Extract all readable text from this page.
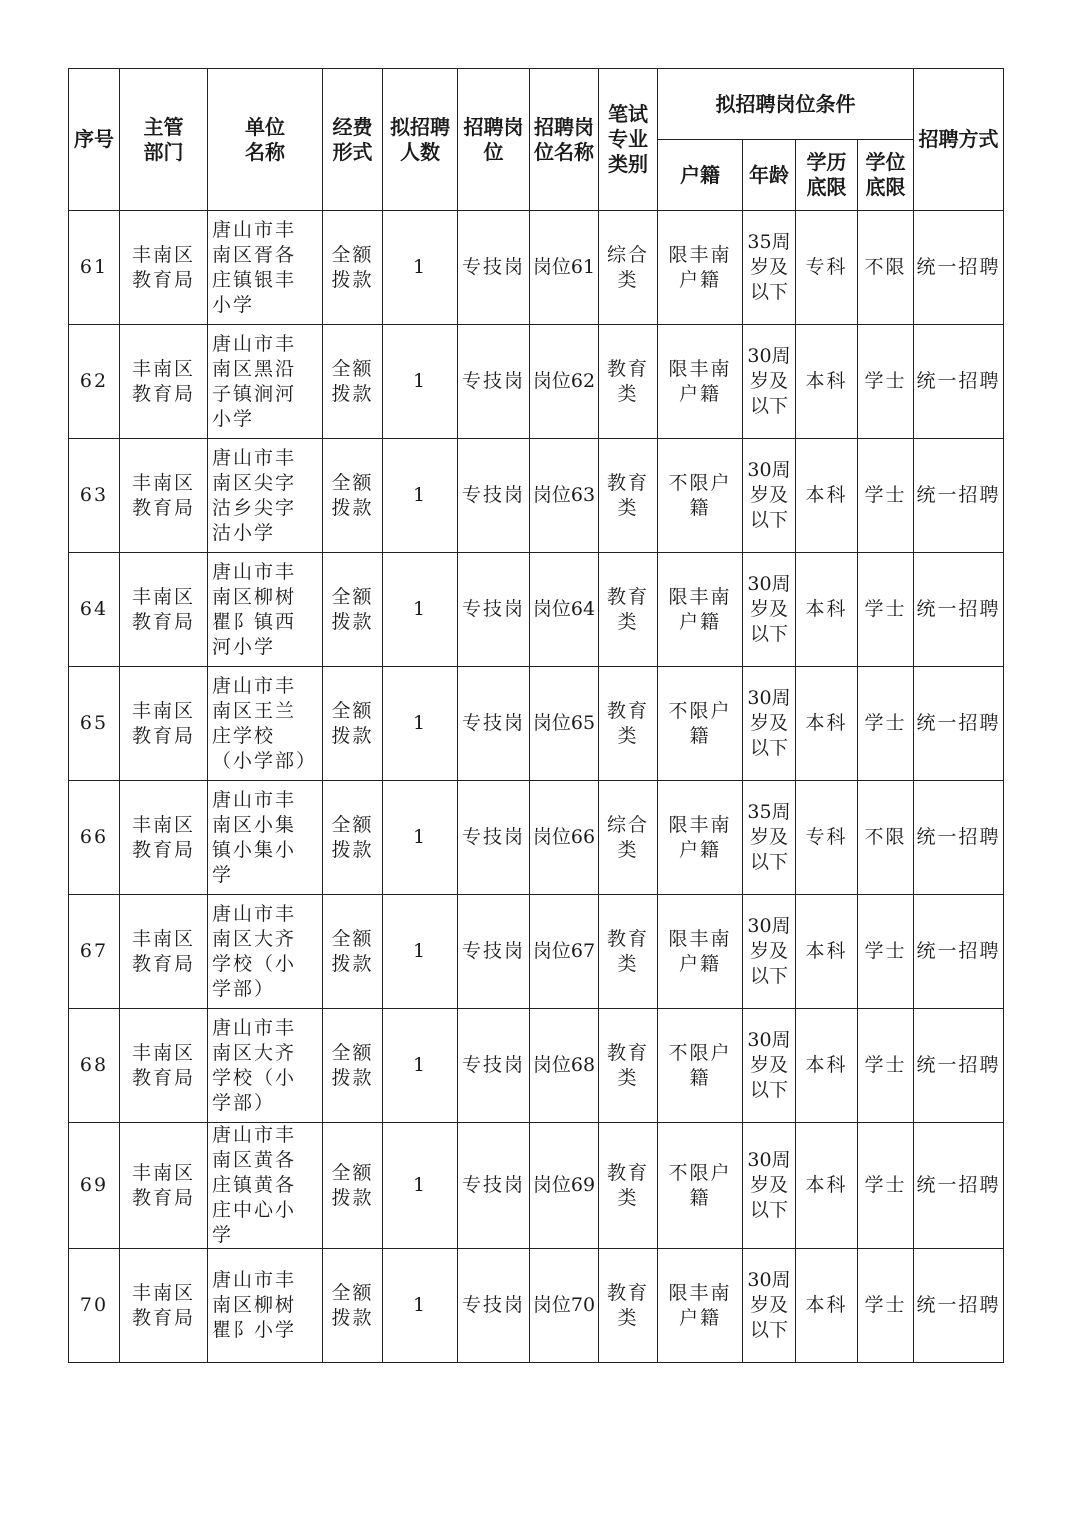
序号	主管部门	单位名称	经费形式	拟招聘人数	招聘岗位	招聘岗位名称	笔试专业类别	拟招聘岗位条件				招聘方式
								户籍	年龄	学历底限	学位底限	

61	丰南区教育局	唐山市丰南区胥各庄镇银丰小学	全额拨款	1	专技岗	岗位61	综合类	限丰南户籍	35周岁及以下	专科	不限	统一招聘
62	丰南区教育局	唐山市丰南区黑沿子镇涧河小学	全额拨款	1	专技岗	岗位62	教育类	限丰南户籍	30周岁及以下	本科	学士	统一招聘
63	丰南区教育局	唐山市丰南区尖字沽乡尖字沽小学	全额拨款	1	专技岗	岗位63	教育类	不限户籍	30周岁及以下	本科	学士	统一招聘
64	丰南区教育局	唐山市丰南区柳树瞿阝镇西河小学	全额拨款	1	专技岗	岗位64	教育类	限丰南户籍	30周岁及以下	本科	学士	统一招聘
65	丰南区教育局	唐山市丰南区王兰庄学校（小学部）	全额拨款	1	专技岗	岗位65	教育类	不限户籍	30周岁及以下	本科	学士	统一招聘
66	丰南区教育局	唐山市丰南区小集镇小集小学	全额拨款	1	专技岗	岗位66	综合类	限丰南户籍	35周岁及以下	专科	不限	统一招聘
67	丰南区教育局	唐山市丰南区大齐学校（小学部）	全额拨款	1	专技岗	岗位67	教育类	限丰南户籍	30周岁及以下	本科	学士	统一招聘
68	丰南区教育局	唐山市丰南区大齐学校（小学部）	全额拨款	1	专技岗	岗位68	教育类	不限户籍	30周岁及以下	本科	学士	统一招聘
69	丰南区教育局	唐山市丰南区黄各庄镇黄各庄中心小学	全额拨款	1	专技岗	岗位69	教育类	不限户籍	30周岁及以下	本科	学士	统一招聘
70	丰南区教育局	唐山市丰南区柳树瞿阝小学	全额拨款	1	专技岗	岗位70	教育类	限丰南户籍	30周岁及以下	本科	学士	统一招聘
